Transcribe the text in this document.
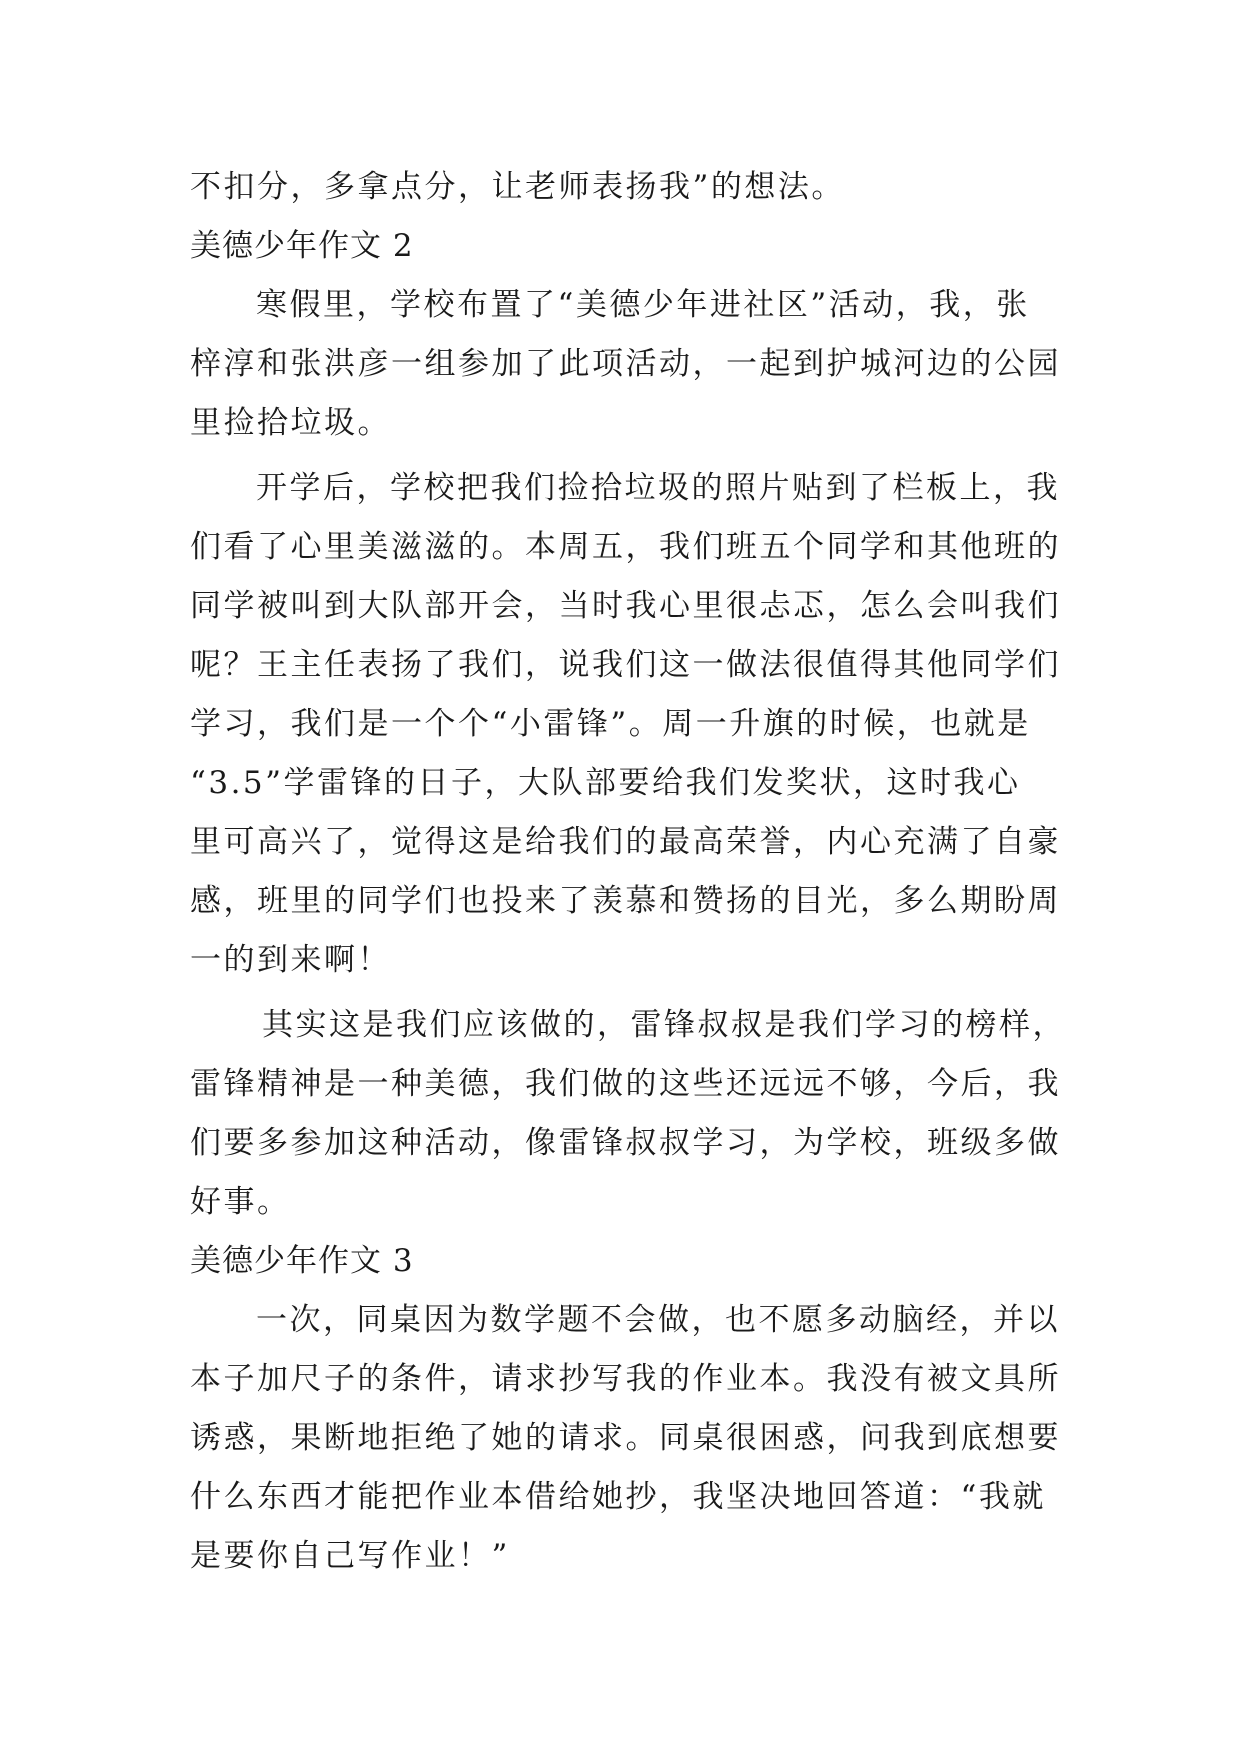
不扣分，多拿点分，让老师表扬我”的想法。
美德少年作文 2
寒假里，学校布置了“美德少年进社区”活动，我，张
梓淳和张洪彦一组参加了此项活动，一起到护城河边的公园
里捡拾垃圾。
开学后，学校把我们捡拾垃圾的照片贴到了栏板上，我
们看了心里美滋滋的。本周五，我们班五个同学和其他班的
同学被叫到大队部开会，当时我心里很忐忑，怎么会叫我们
呢？王主任表扬了我们，说我们这一做法很值得其他同学们
学习，我们是一个个“小雷锋”。周一升旗的时候，也就是
“3.5”学雷锋的日子，大队部要给我们发奖状，这时我心
里可高兴了，觉得这是给我们的最高荣誉，内心充满了自豪
感，班里的同学们也投来了羡慕和赞扬的目光，多么期盼周
一的到来啊！
其实这是我们应该做的，雷锋叔叔是我们学习的榜样，
雷锋精神是一种美德，我们做的这些还远远不够，今后，我
们要多参加这种活动，像雷锋叔叔学习，为学校，班级多做
好事。
美德少年作文 3
一次，同桌因为数学题不会做，也不愿多动脑经，并以
本子加尺子的条件，请求抄写我的作业本。我没有被文具所
诱惑，果断地拒绝了她的请求。同桌很困惑，问我到底想要
什么东西才能把作业本借给她抄，我坚决地回答道：“我就
是要你自己写作业！”
